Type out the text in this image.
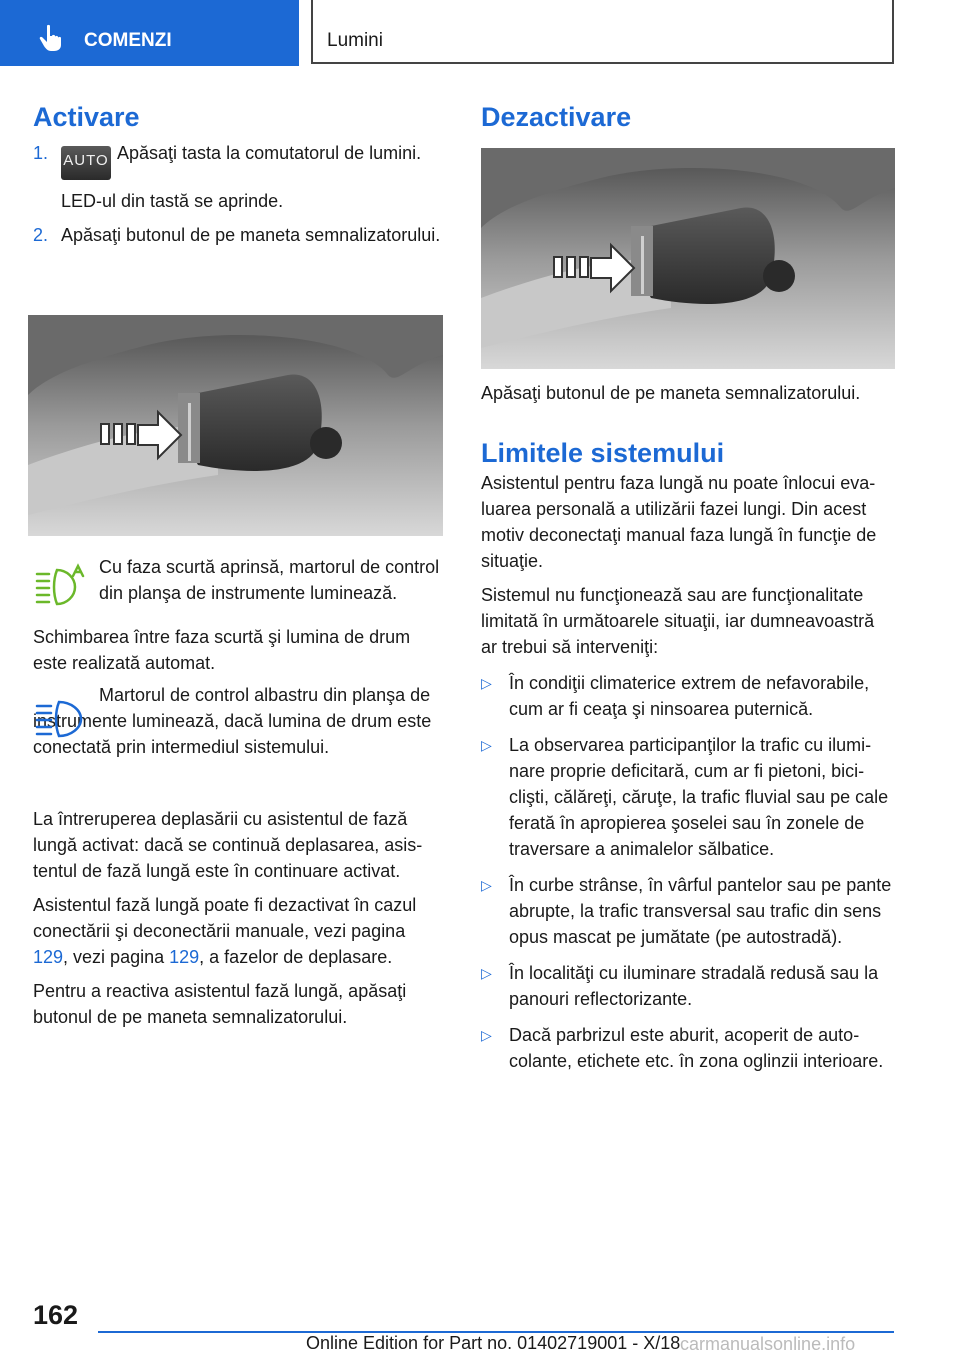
COMENZI	Lumini
Activare

1. AUTO Apăsaţi tasta la comutatorul de lumini.

LED-ul din tastă se aprinde.

2. Apăsaţi butonul de pe maneta semnalizatorului.

Cu faza scurtă aprinsă, martorul de control din planşa de instrumente luminează.

Schimbarea între faza scurtă şi lumina de drum este realizată automat.

Martorul de control albastru din planşa de instrumente luminează, dacă lumina de drum este conectată prin intermediul sistemului.

La întreruperea deplasării cu asistentul de fază lungă activat: dacă se continuă deplasarea, asistentul de fază lungă este în continuare activat.

Asistentul fază lungă poate fi dezactivat în cazul conectării şi deconectării manuale, vezi pagina 129, vezi pagina 129, a fazelor de deplasare.

Pentru a reactiva asistentul fază lungă, apăsaţi butonul de pe maneta semnalizatorului.

Dezactivare

Apăsaţi butonul de pe maneta semnalizatorului.

Limitele sistemului

Asistentul pentru faza lungă nu poate înlocui evaluarea personală a utilizării fazei lungi. Din acest motiv deconectaţi manual faza lungă în funcţie de situaţie.

Sistemul nu funcţionează sau are funcţionalitate limitată în următoarele situaţii, iar dumneavoastră ar trebui să interveniţi:

▷ În condiţii climaterice extrem de nefavorabile, cum ar fi ceaţa şi ninsoarea puternică.
▷ La observarea participanţilor la trafic cu iluminare proprie deficitară, cum ar fi pietoni, biciclişti, călăreţi, căruţe, la trafic fluvial sau pe cale ferată în apropierea şoselei sau în zonele de traversare a animalelor sălbatice.
▷ În curbe strânse, în vârful pantelor sau pe pante abrupte, la trafic transversal sau trafic din sens opus mascat pe jumătate (pe autostradă).
▷ În localităţi cu iluminare stradală redusă sau la panouri reflectorizante.
▷ Dacă parbrizul este aburit, acoperit de autocolante, etichete etc. în zona oglinzii interioare.
162
Online Edition for Part no. 01402719001 - X/18 carmanualsonline.info
